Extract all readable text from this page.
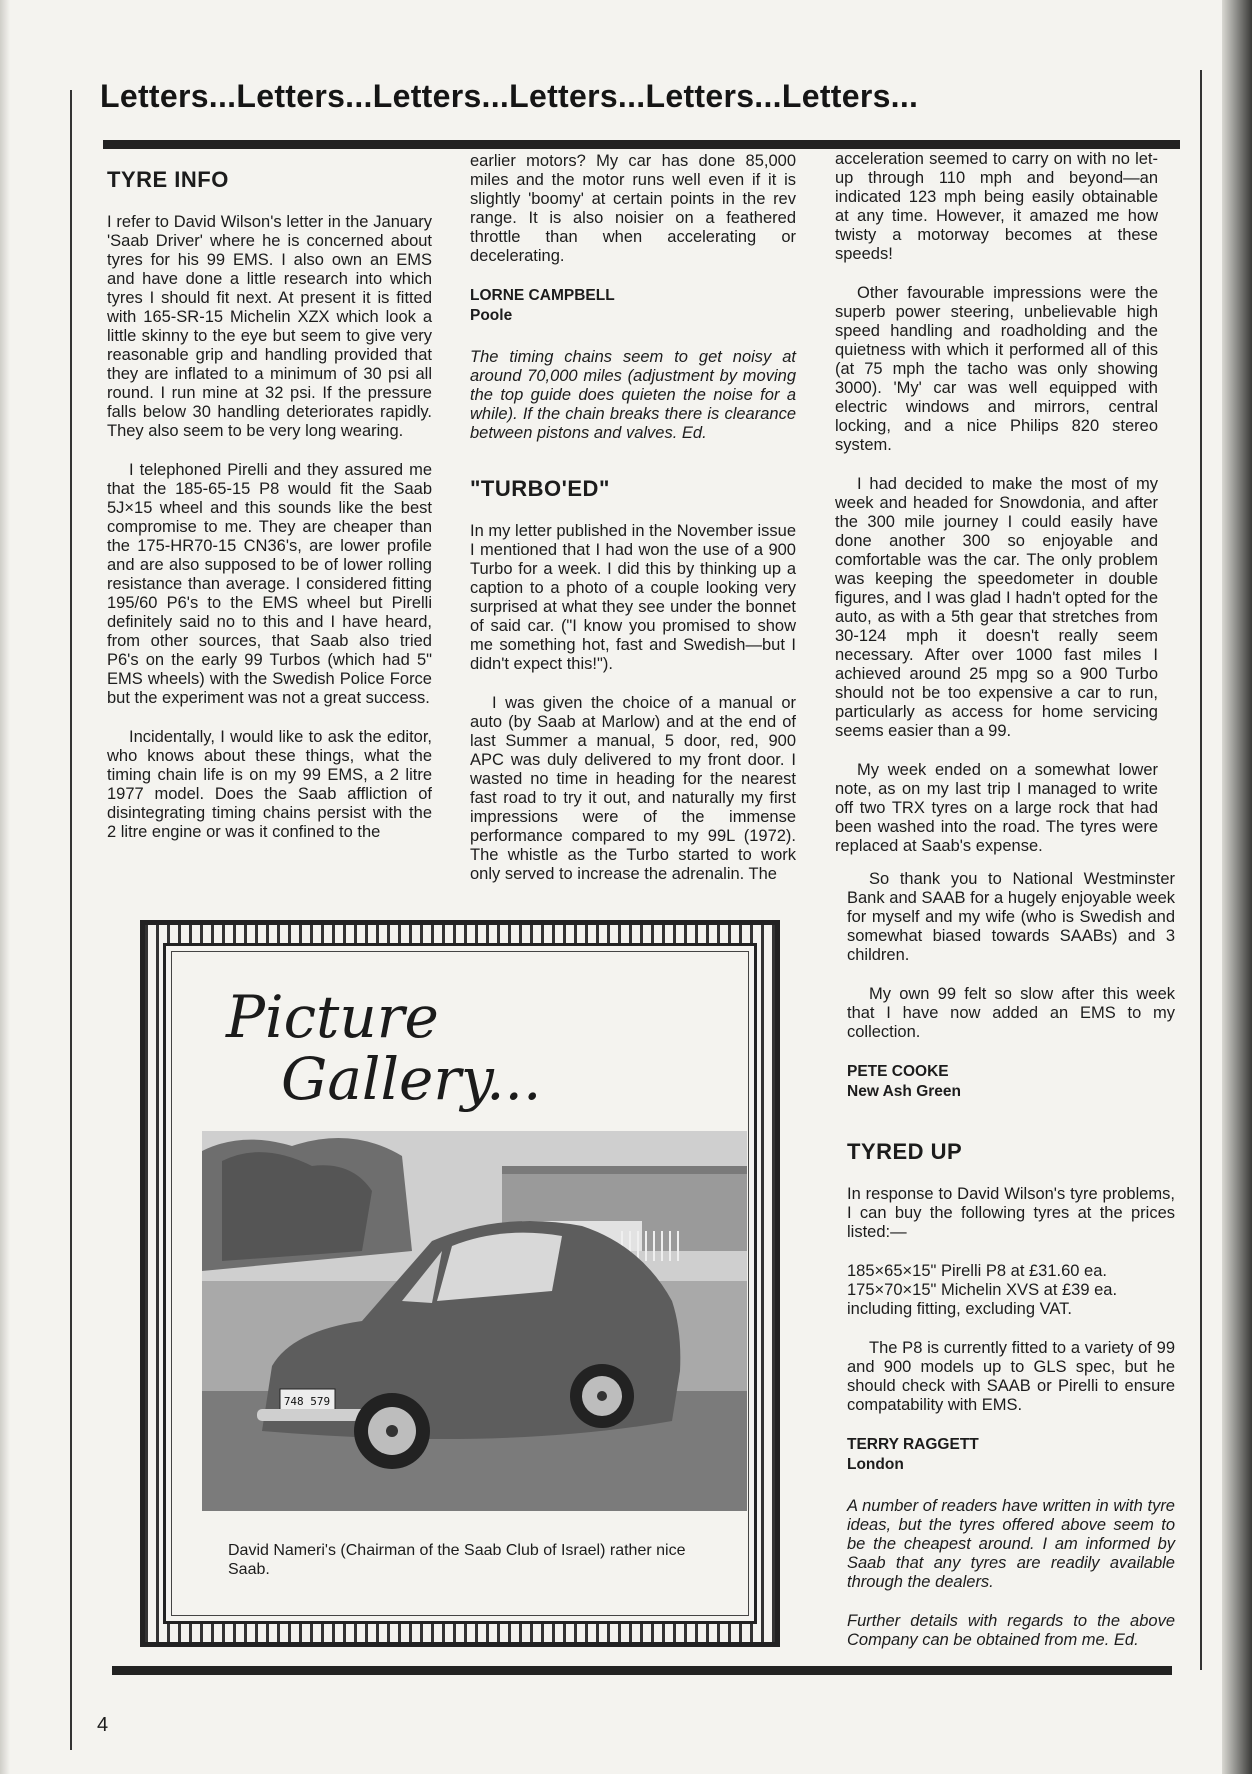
Letters...Letters...Letters...Letters...Letters...Letters...
TYRE INFO

I refer to David Wilson's letter in the January 'Saab Driver' where he is concerned about tyres for his 99 EMS. I also own an EMS and have done a little research into which tyres I should fit next. At present it is fitted with 165-SR-15 Michelin XZX which look a little skinny to the eye but seem to give very reasonable grip and handling provided that they are inflated to a minimum of 30 psi all round. I run mine at 32 psi. If the pressure falls below 30 handling deteriorates rapidly. They also seem to be very long wearing.

I telephoned Pirelli and they assured me that the 185-65-15 P8 would fit the Saab 5J×15 wheel and this sounds like the best compromise to me. They are cheaper than the 175-HR70-15 CN36's, are lower profile and are also supposed to be of lower rolling resistance than average. I considered fitting 195/60 P6's to the EMS wheel but Pirelli definitely said no to this and I have heard, from other sources, that Saab also tried P6's on the early 99 Turbos (which had 5" EMS wheels) with the Swedish Police Force but the experiment was not a great success.

Incidentally, I would like to ask the editor, who knows about these things, what the timing chain life is on my 99 EMS, a 2 litre 1977 model. Does the Saab affliction of disintegrating timing chains persist with the 2 litre engine or was it confined to the

earlier motors? My car has done 85,000 miles and the motor runs well even if it is slightly 'boomy' at certain points in the rev range. It is also noisier on a feathered throttle than when accelerating or decelerating.

LORNE CAMPBELL
Poole

The timing chains seem to get noisy at around 70,000 miles (adjustment by moving the top guide does quieten the noise for a while). If the chain breaks there is clearance between pistons and valves. Ed.

"TURBO'ED"

In my letter published in the November issue I mentioned that I had won the use of a 900 Turbo for a week. I did this by thinking up a caption to a photo of a couple looking very surprised at what they see under the bonnet of said car. ("I know you promised to show me something hot, fast and Swedish—but I didn't expect this!").

I was given the choice of a manual or auto (by Saab at Marlow) and at the end of last Summer a manual, 5 door, red, 900 APC was duly delivered to my front door. I wasted no time in heading for the nearest fast road to try it out, and naturally my first impressions were of the immense performance compared to my 99L (1972). The whistle as the Turbo started to work only served to increase the adrenalin. The

acceleration seemed to carry on with no let-up through 110 mph and beyond—an indicated 123 mph being easily obtainable at any time. However, it amazed me how twisty a motorway becomes at these speeds!

Other favourable impressions were the superb power steering, unbelievable high speed handling and roadholding and the quietness with which it performed all of this (at 75 mph the tacho was only showing 3000). 'My' car was well equipped with electric windows and mirrors, central locking, and a nice Philips 820 stereo system.

I had decided to make the most of my week and headed for Snowdonia, and after the 300 mile journey I could easily have done another 300 so enjoyable and comfortable was the car. The only problem was keeping the speedometer in double figures, and I was glad I hadn't opted for the auto, as with a 5th gear that stretches from 30-124 mph it doesn't really seem necessary. After over 1000 fast miles I achieved around 25 mpg so a 900 Turbo should not be too expensive a car to run, particularly as access for home servicing seems easier than a 99.

My week ended on a somewhat lower note, as on my last trip I managed to write off two TRX tyres on a large rock that had been washed into the road. The tyres were replaced at Saab's expense.

So thank you to National Westminster Bank and SAAB for a hugely enjoyable week for myself and my wife (who is Swedish and somewhat biased towards SAABs) and 3 children.

My own 99 felt so slow after this week that I have now added an EMS to my collection.

PETE COOKE
New Ash Green
TYRED UP

In response to David Wilson's tyre problems, I can buy the following tyres at the prices listed:—

185×65×15" Pirelli P8 at £31.60 ea.
175×70×15" Michelin XVS at £39 ea.
including fitting, excluding VAT.

The P8 is currently fitted to a variety of 99 and 900 models up to GLS spec, but he should check with SAAB or Pirelli to ensure compatability with EMS.

TERRY RAGGETT
London

A number of readers have written in with tyre ideas, but the tyres offered above seem to be the cheapest around. I am informed by Saab that any tyres are readily available through the dealers.

Further details with regards to the above Company can be obtained from me. Ed.

Picture
Gallery...
748 579
David Nameri's (Chairman of the Saab Club of Israel) rather nice Saab.
4
